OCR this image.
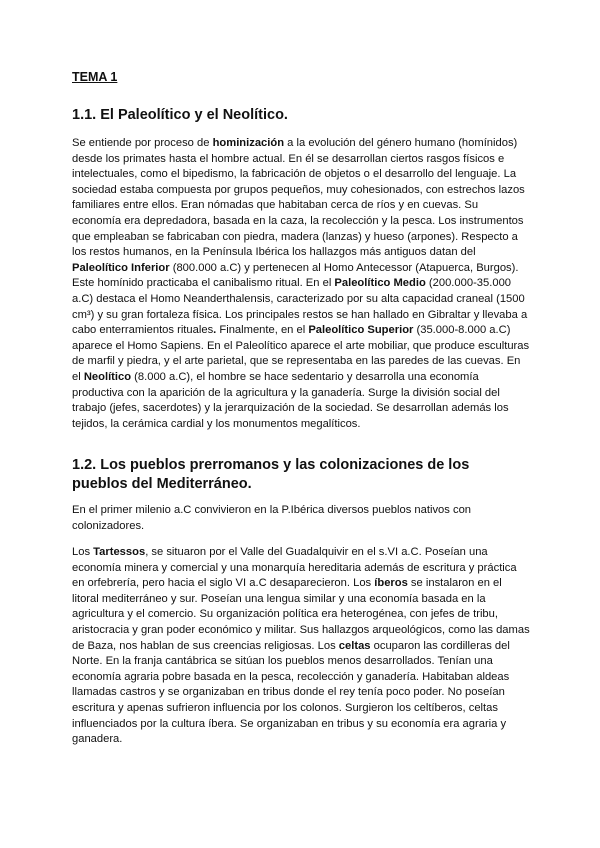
TEMA 1
1.1. El Paleolítico y el Neolítico.

Se entiende por proceso de hominización a la evolución del género humano (homínidos) desde los primates hasta el hombre actual. En él se desarrollan ciertos rasgos físicos e intelectuales, como el bipedismo, la fabricación de objetos o el desarrollo del lenguaje. La sociedad estaba compuesta por grupos pequeños, muy cohesionados, con estrechos lazos familiares entre ellos. Eran nómadas que habitaban cerca de ríos y en cuevas. Su economía era depredadora, basada en la caza, la recolección y la pesca. Los instrumentos que empleaban se fabricaban con piedra, madera (lanzas) y hueso (arpones). Respecto a los restos humanos, en la Península Ibérica los hallazgos más antiguos datan del Paleolítico Inferior (800.000 a.C) y pertenecen al Homo Antecessor (Atapuerca, Burgos). Este homínido practicaba el canibalismo ritual. En el Paleolítico Medio (200.000-35.000 a.C) destaca el Homo Neanderthalensis, caracterizado por su alta capacidad craneal (1500 cm³) y su gran fortaleza física. Los principales restos se han hallado en Gibraltar y llevaba a cabo enterramientos rituales. Finalmente, en el Paleolítico Superior (35.000-8.000 a.C) aparece el Homo Sapiens. En el Paleolítico aparece el arte mobiliar, que produce esculturas de marfil y piedra, y el arte parietal, que se representaba en las paredes de las cuevas. En el Neolítico (8.000 a.C), el hombre se hace sedentario y desarrolla una economía productiva con la aparición de la agricultura y la ganadería. Surge la división social del trabajo (jefes, sacerdotes) y la jerarquización de la sociedad. Se desarrollan además los tejidos, la cerámica cardial y los monumentos megalíticos.

1.2. Los pueblos prerromanos y las colonizaciones de los pueblos del Mediterráneo.

En el primer milenio a.C convivieron en la P.Ibérica diversos pueblos nativos con colonizadores.

Los Tartessos, se situaron por el Valle del Guadalquivir en el s.VI a.C. Poseían una economía minera y comercial y una monarquía hereditaria además de escritura y práctica en orfebrería, pero hacia el siglo VI a.C desaparecieron. Los íberos se instalaron en el litoral mediterráneo y sur. Poseían una lengua similar y una economía basada en la agricultura y el comercio. Su organización política era heterogénea, con jefes de tribu, aristocracia y gran poder económico y militar. Sus hallazgos arqueológicos, como las damas de Baza, nos hablan de sus creencias religiosas. Los celtas ocuparon las cordilleras del Norte. En la franja cantábrica se sitúan los pueblos menos desarrollados. Tenían una economía agraria pobre basada en la pesca, recolección y ganadería. Habitaban aldeas llamadas castros y se organizaban en tribus donde el rey tenía poco poder. No poseían escritura y apenas sufrieron influencia por los colonos. Surgieron los celtíberos, celtas influenciados por la cultura íbera. Se organizaban en tribus y su economía era agraria y ganadera.
